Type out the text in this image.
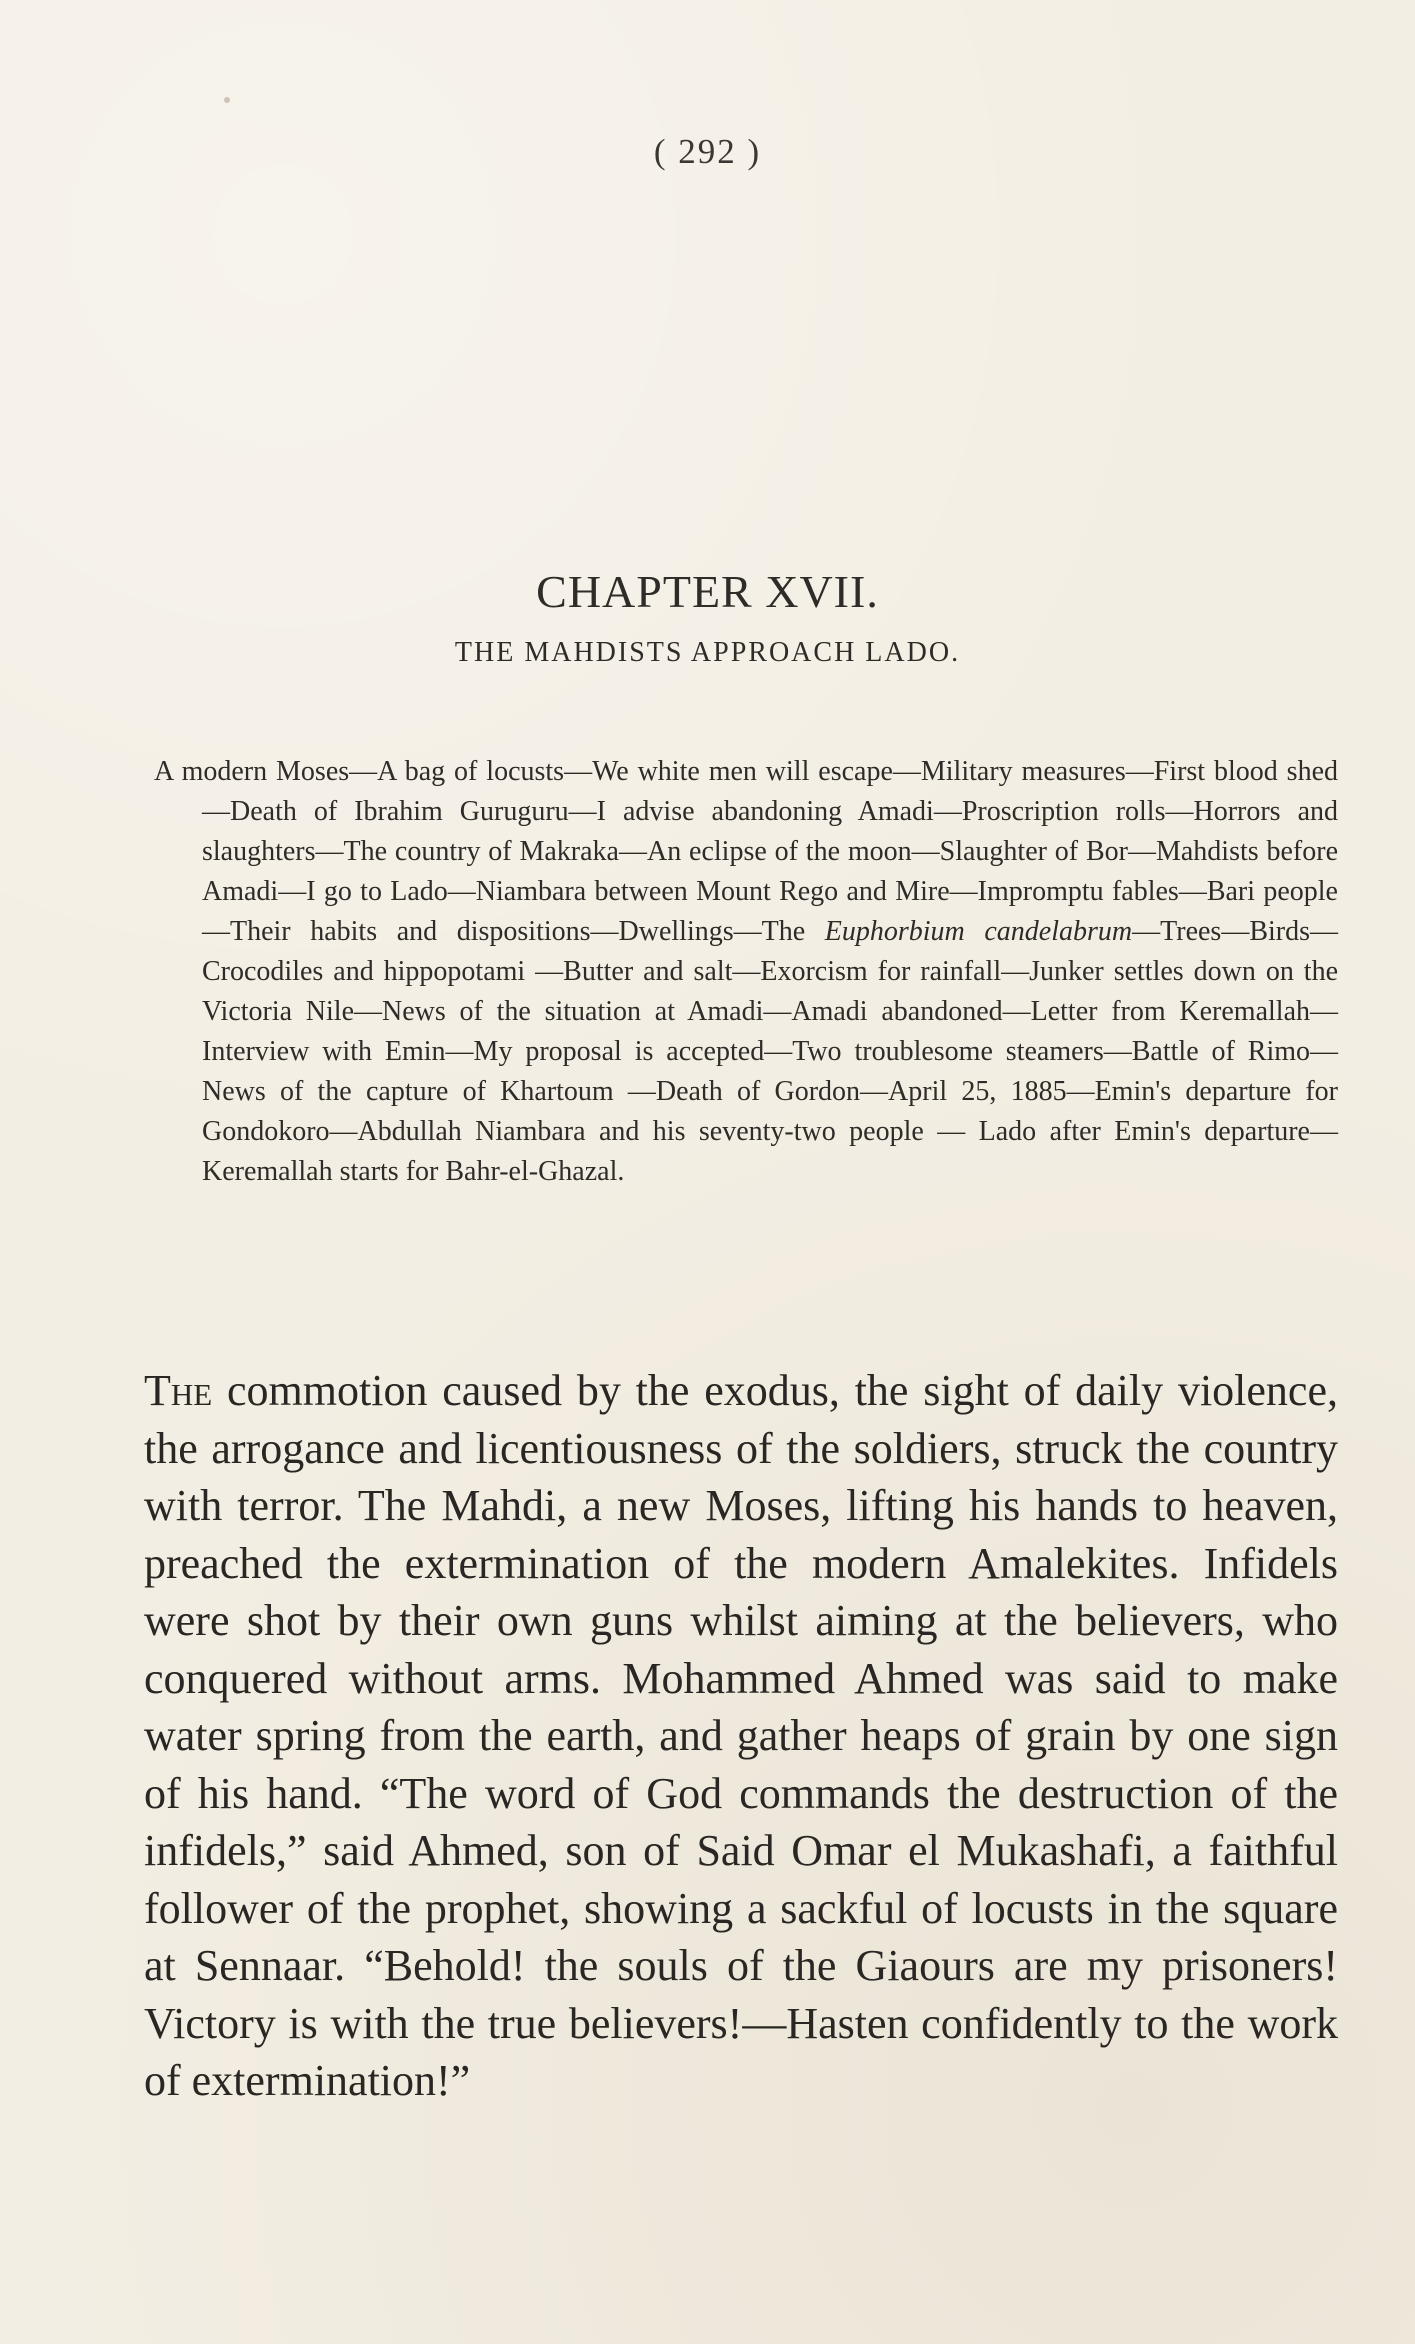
( 292 )
CHAPTER XVII.
THE MAHDISTS APPROACH LADO.

A modern Moses—A bag of locusts—We white men will escape—Military measures—First blood shed—Death of Ibrahim Guruguru—I advise abandoning Amadi—Proscription rolls—Horrors and slaughters—The country of Makraka—An eclipse of the moon—Slaughter of Bor—Mahdists before Amadi—I go to Lado—Niambara between Mount Rego and Mire—Impromptu fables—Bari people—Their habits and dispositions—Dwellings—The Euphorbium candelabrum—Trees—Birds—Crocodiles and hippopotami —Butter and salt—Exorcism for rainfall—Junker settles down on the Victoria Nile—News of the situation at Amadi—Amadi abandoned—Letter from Keremallah—Interview with Emin—My proposal is accepted—Two troublesome steamers—Battle of Rimo—News of the capture of Khartoum —Death of Gordon—April 25, 1885—Emin's departure for Gondokoro—Abdullah Niambara and his seventy-two people — Lado after Emin's departure—Keremallah starts for Bahr-el-Ghazal.

The commotion caused by the exodus, the sight of daily violence, the arrogance and licentiousness of the soldiers, struck the country with terror. The Mahdi, a new Moses, lifting his hands to heaven, preached the extermination of the modern Amalekites. Infidels were shot by their own guns whilst aiming at the believers, who conquered without arms. Mohammed Ahmed was said to make water spring from the earth, and gather heaps of grain by one sign of his hand. “The word of God commands the destruction of the infidels,” said Ahmed, son of Said Omar el Mukashafi, a faithful follower of the prophet, showing a sackful of locusts in the square at Sennaar. “Behold! the souls of the Giaours are my prisoners! Victory is with the true believers!—Hasten confidently to the work of extermination!”
